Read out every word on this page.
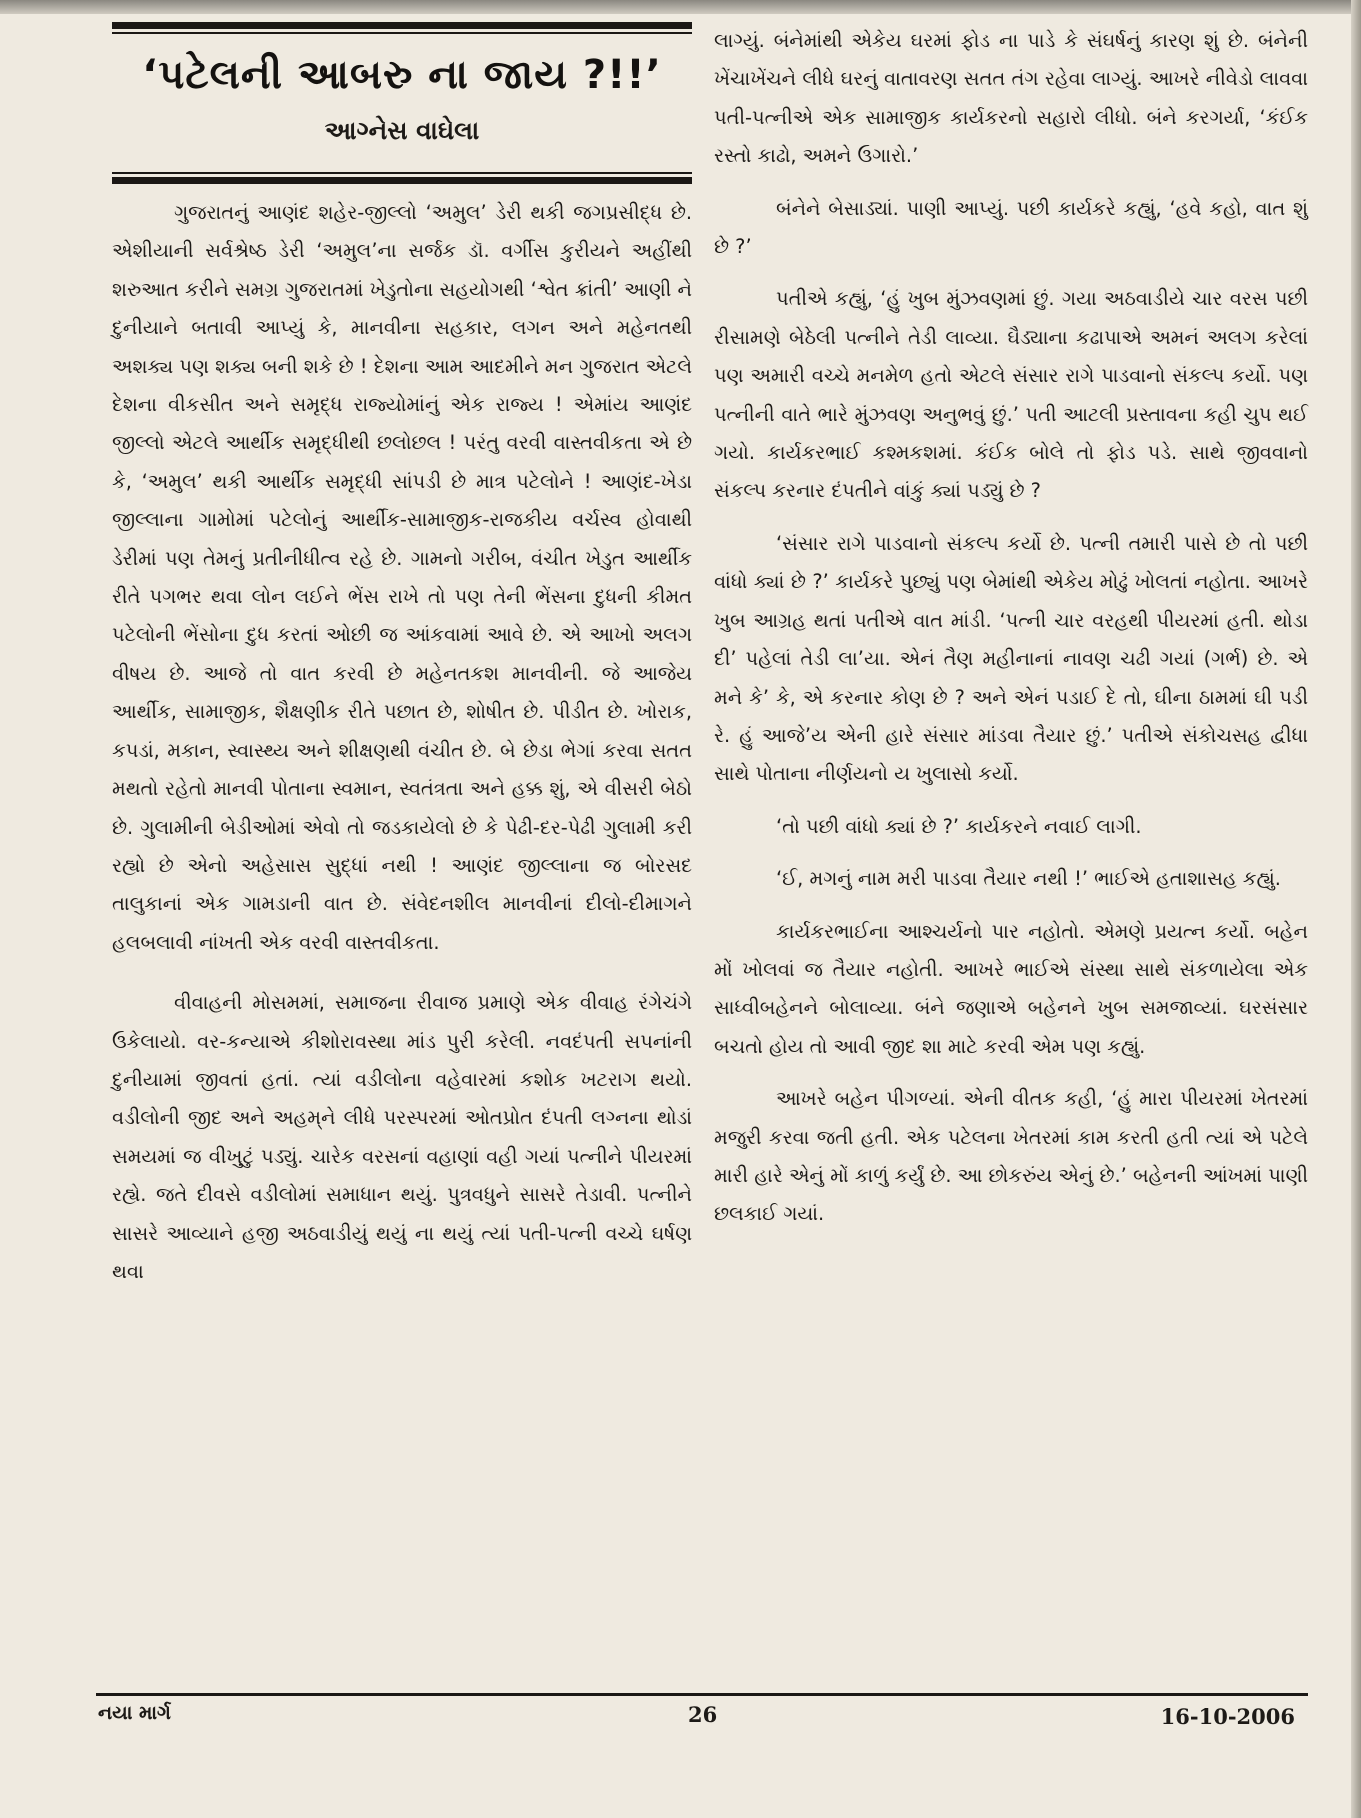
‘પટેલની આબરુ ના જાય ?!!’
આગ્નેસ વાઘેલા

ગુજરાતનું આણંદ શહેર-જીલ્લો ‘અમુલ’ ડેરી થકી જગપ્રસીદ્ધ છે. એશીયાની સર્વશ્રેષ્ઠ ડેરી ‘અમુલ’ના સર્જક ડૉ. વર્ગીસ કુરીયને અહીંથી શરુઆત કરીને સમગ્ર ગુજરાતમાં ખેડુતોના સહયોગથી ‘શ્વેત ક્રાંતી’ આણી ને દુનીયાને બતાવી આપ્યું કે, માનવીના સહકાર, લગન અને મહેનતથી અશક્ય પણ શક્ય બની શકે છે ! દેશના આમ આદમીને મન ગુજરાત એટલે દેશના વીકસીત અને સમૃદ્ધ રાજ્યોમાંનું એક રાજ્ય ! એમાંય આણંદ જીલ્લો એટલે આર્થીક સમૃદ્ધીથી છલોછલ ! પરંતુ વરવી વાસ્તવીકતા એ છે કે, ‘અમુલ’ થકી આર્થીક સમૃદ્ધી સાંપડી છે માત્ર પટેલોને ! આણંદ-ખેડા જીલ્લાના ગામોમાં પટેલોનું આર્થીક-સામાજીક-રાજકીય વર્ચસ્વ હોવાથી ડેરીમાં પણ તેમનું પ્રતીનીધીત્વ રહે છે. ગામનો ગરીબ, વંચીત ખેડુત આર્થીક રીતે પગભર થવા લોન લઈને ભેંસ રાખે તો પણ તેની ભેંસના દુધની કીમત પટેલોની ભેંસોના દુધ કરતાં ઓછી જ આંકવામાં આવે છે. એ આખો અલગ વીષય છે. આજે તો વાત કરવી છે મહેનતકશ માનવીની. જે આજેય આર્થીક, સામાજીક, શૈક્ષણીક રીતે પછાત છે, શોષીત છે. પીડીત છે. ખોરાક, કપડાં, મકાન, સ્વાસ્થ્ય અને શીક્ષણથી વંચીત છે. બે છેડા ભેગાં કરવા સતત મથતો રહેતો માનવી પોતાના સ્વમાન, સ્વતંત્રતા અને હક્ક શું, એ વીસરી બેઠો છે. ગુલામીની બેડીઓમાં એવો તો જડકાયેલો છે કે પેઢી-દર-પેઢી ગુલામી કરી રહ્યો છે એનો અહેસાસ સુદ્ધાં નથી ! આણંદ જીલ્લાના જ બોરસદ તાલુકાનાં એક ગામડાની વાત છે. સંવેદનશીલ માનવીનાં દીલો-દીમાગને હલબલાવી નાંખતી એક વરવી વાસ્તવીકતા.

વીવાહની મોસમમાં, સમાજના રીવાજ પ્રમાણે એક વીવાહ રંગેચંગે ઉકેલાયો. વર-કન્યાએ કીશોરાવસ્થા માંડ પુરી કરેલી. નવદંપતી સપનાંની દુનીયામાં જીવતાં હતાં. ત્યાં વડીલોના વહેવારમાં કશોક ખટરાગ થયો. વડીલોની જીદ અને અહમ્‌ને લીધે પરસ્પરમાં ઓતપ્રોત દંપતી લગ્નના થોડાં સમયમાં જ વીખુટું પડ્યું. ચારેક વરસનાં વહાણાં વહી ગયાં પત્નીને પીયરમાં રહ્યે. જતે દીવસે વડીલોમાં સમાધાન થયું. પુત્રવધુને સાસરે તેડાવી. પત્નીને સાસરે આવ્યાને હજી અઠવાડીયું થયું ના થયું ત્યાં પતી-પત્ની વચ્ચે ઘર્ષણ થવા

લાગ્યું. બંનેમાંથી એકેય ઘરમાં ફોડ ના પાડે કે સંઘર્ષનું કારણ શું છે. બંનેની ખેંચાખેંચને લીધે ઘરનું વાતાવરણ સતત તંગ રહેવા લાગ્યું. આખરે નીવેડો લાવવા પતી-પત્નીએ એક સામાજીક કાર્યકરનો સહારો લીધો. બંને કરગર્યા, ‘કંઈક રસ્તો કાઢો, અમને ઉગારો.’

બંનેને બેસાડ્યાં. પાણી આપ્યું. પછી કાર્યકરે કહ્યું, ‘હવે કહો, વાત શું છે ?’

પતીએ કહ્યું, ‘હું ખુબ મુંઝવણમાં છું. ગયા અઠવાડીયે ચાર વરસ પછી રીસામણે બેઠેલી પત્નીને તેડી લાવ્યા. ઘૈડ્યાના કઢાપાએ અમનં અલગ કરેલાં પણ અમારી વચ્ચે મનમેળ હતો એટલે સંસાર રાગે પાડવાનો સંકલ્પ કર્યો. પણ પત્નીની વાતે ભારે મુંઝવણ અનુભવું છું.’ પતી આટલી પ્રસ્તાવના કહી ચુપ થઈ ગયો. કાર્યકરભાઈ કશ્મકશમાં. કંઈક બોલે તો ફોડ પડે. સાથે જીવવાનો સંકલ્પ કરનાર દંપતીને વાંકું ક્યાં પડ્યું છે ?

‘સંસાર રાગે પાડવાનો સંકલ્પ કર્યો છે. પત્ની તમારી પાસે છે તો પછી વાંધો ક્યાં છે ?’ કાર્યકરે પુછ્યું પણ બેમાંથી એકેય મોઢું ખોલતાં નહોતા. આખરે ખુબ આગ્રહ થતાં પતીએ વાત માંડી. ‘પત્ની ચાર વરહથી પીયરમાં હતી. થોડા દી’ પહેલાં તેડી લા’યા. એનં તૈણ મહીનાનાં નાવણ ચઢી ગયાં (ગર્ભ) છે. એ મને કે’ કે, એ કરનાર કોણ છે ? અને એનં પડાઈ દે તો, ઘીના ઠામમાં ઘી પડી રે. હું આજે’ય એની હારે સંસાર માંડવા તૈયાર છું.’ પતીએ સંકોચસહ દ્વીધા સાથે પોતાના નીર્ણયનો ય ખુલાસો કર્યો.

‘તો પછી વાંધો ક્યાં છે ?’ કાર્યકરને નવાઈ લાગી.

‘ઈ, મગનું નામ મરી પાડવા તૈયાર નથી !’ ભાઈએ હતાશાસહ કહ્યું.

કાર્યકરભાઈના આશ્ચર્યનો પાર નહોતો. એમણે પ્રયત્ન કર્યો. બહેન મોં ખોલવાં જ તૈયાર નહોતી. આખરે ભાઈએ સંસ્થા સાથે સંકળાયેલા એક સાધ્વીબહેનને બોલાવ્યા. બંને જણાએ બહેનને ખુબ સમજાવ્યાં. ઘરસંસાર બચતો હોય તો આવી જીદ શા માટે કરવી એમ પણ કહ્યું.

આખરે બહેન પીગળ્યાં. એની વીતક કહી, ‘હું મારા પીયરમાં ખેતરમાં મજુરી કરવા જતી હતી. એક પટેલના ખેતરમાં કામ કરતી હતી ત્યાં એ પટેલે મારી હારે એનું મોં કાળું કર્યું છે. આ છોકરુંય એનું છે.’ બહેનની આંખમાં પાણી છલકાઈ ગયાં.

નયા માર્ગ	26	16-10-2006
